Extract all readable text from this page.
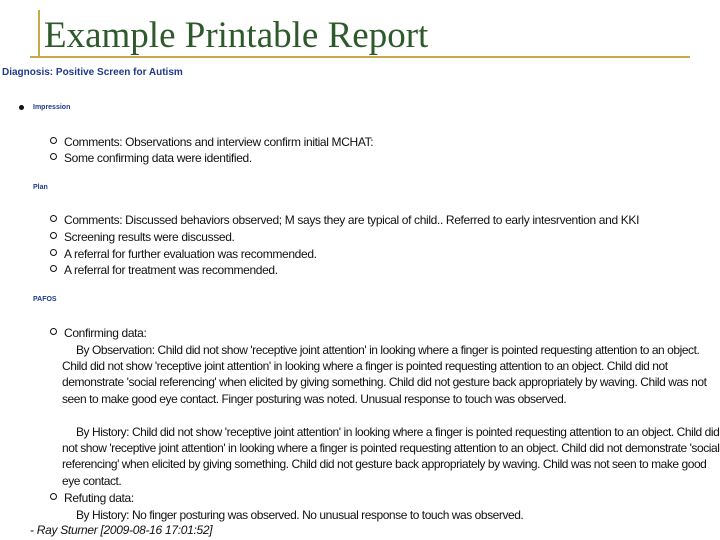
Example Printable Report
Diagnosis: Positive Screen for Autism
Impression
Comments: Observations and interview confirm initial MCHAT:
Some confirming data were identified.
Plan
Comments: Discussed behaviors observed; M says they are typical of child.. Referred to early intesrvention and KKI
Screening results were discussed.
A referral for further evaluation was recommended.
A referral for treatment was recommended.
PAFOS
Confirming data:
By Observation: Child did not show 'receptive joint attention' in looking where a finger is pointed requesting attention to an object. Child did not show 'receptive joint attention' in looking where a finger is pointed requesting attention to an object. Child did not demonstrate 'social referencing' when elicited by giving something. Child did not gesture back appropriately by waving. Child was not seen to make good eye contact. Finger posturing was noted. Unusual response to touch was observed.
By History: Child did not show 'receptive joint attention' in looking where a finger is pointed requesting attention to an object. Child did not show 'receptive joint attention' in looking where a finger is pointed requesting attention to an object. Child did not demonstrate 'social referencing' when elicited by giving something. Child did not gesture back appropriately by waving. Child was not seen to make good eye contact.
Refuting data:
By History: No finger posturing was observed. No unusual response to touch was observed.
- Ray Sturner [2009-08-16 17:01:52]
